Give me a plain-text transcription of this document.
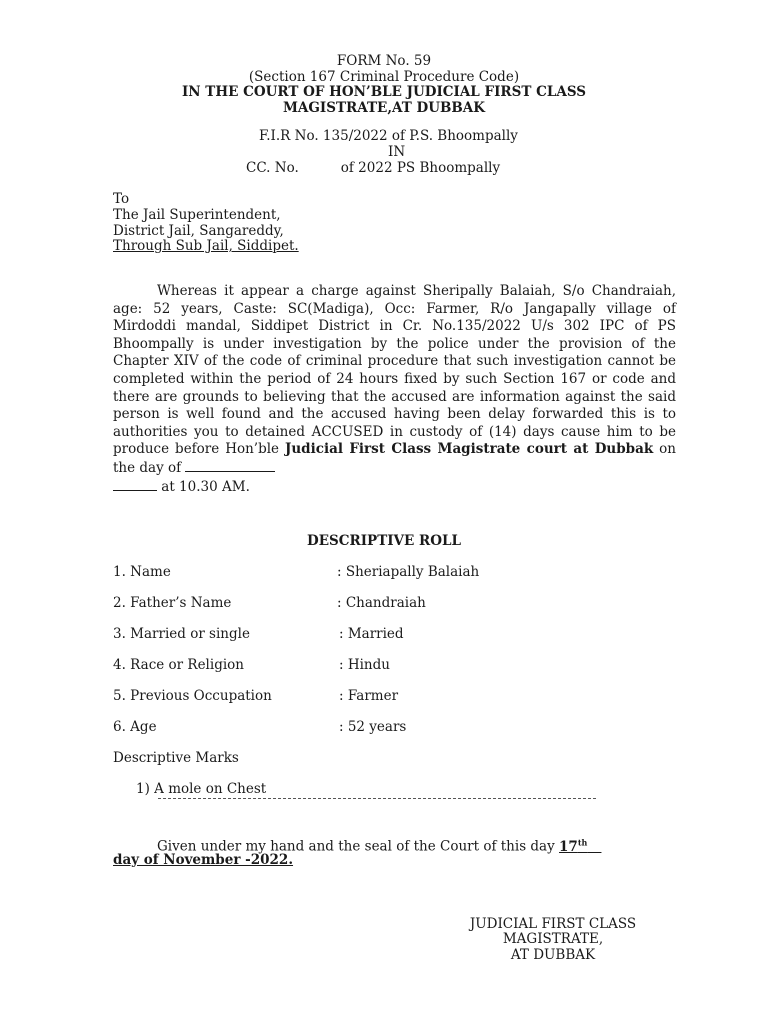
FORM No. 59
(Section 167 Criminal Procedure Code)
IN THE COURT OF HON’BLE JUDICIAL FIRST CLASS
MAGISTRATE,AT DUBBAK
F.I.R No. 135/2022 of P.S. Bhoompally
IN
CC. No.	of 2022 PS Bhoompally
To
The Jail Superintendent,
District Jail, Sangareddy,
Through Sub Jail, Siddipet.
Whereas it appear a charge against Sheripally Balaiah, S/o Chandraiah, age: 52 years, Caste: SC(Madiga), Occ: Farmer, R/o Jangapally village of Mirdoddi mandal, Siddipet District in Cr. No.135/2022 U/s 302 IPC of PS Bhoompally is under investigation by the police under the provision of the Chapter XIV of the code of criminal procedure that such investigation cannot be completed within the period of 24 hours fixed by such Section 167 or code and there are grounds to believing that the accused are information against the said person is well found and the accused having been delay forwarded this is to authorities you to detained ACCUSED in custody of (14) days cause him to be produce before Hon’ble Judicial First Class Magistrate court at Dubbak on the day of
at 10.30 AM.
DESCRIPTIVE ROLL
1. Name	: Sheriapally Balaiah
2. Father’s Name	: Chandraiah
3. Married or single	: Married
4. Race or Religion	: Hindu
5. Previous Occupation	: Farmer
6. Age	: 52 years
Descriptive Marks
1) A mole on Chest
Given under my hand and the seal of the Court of this day 17th
day of November -2022.
JUDICIAL FIRST CLASS
MAGISTRATE,
AT DUBBAK
